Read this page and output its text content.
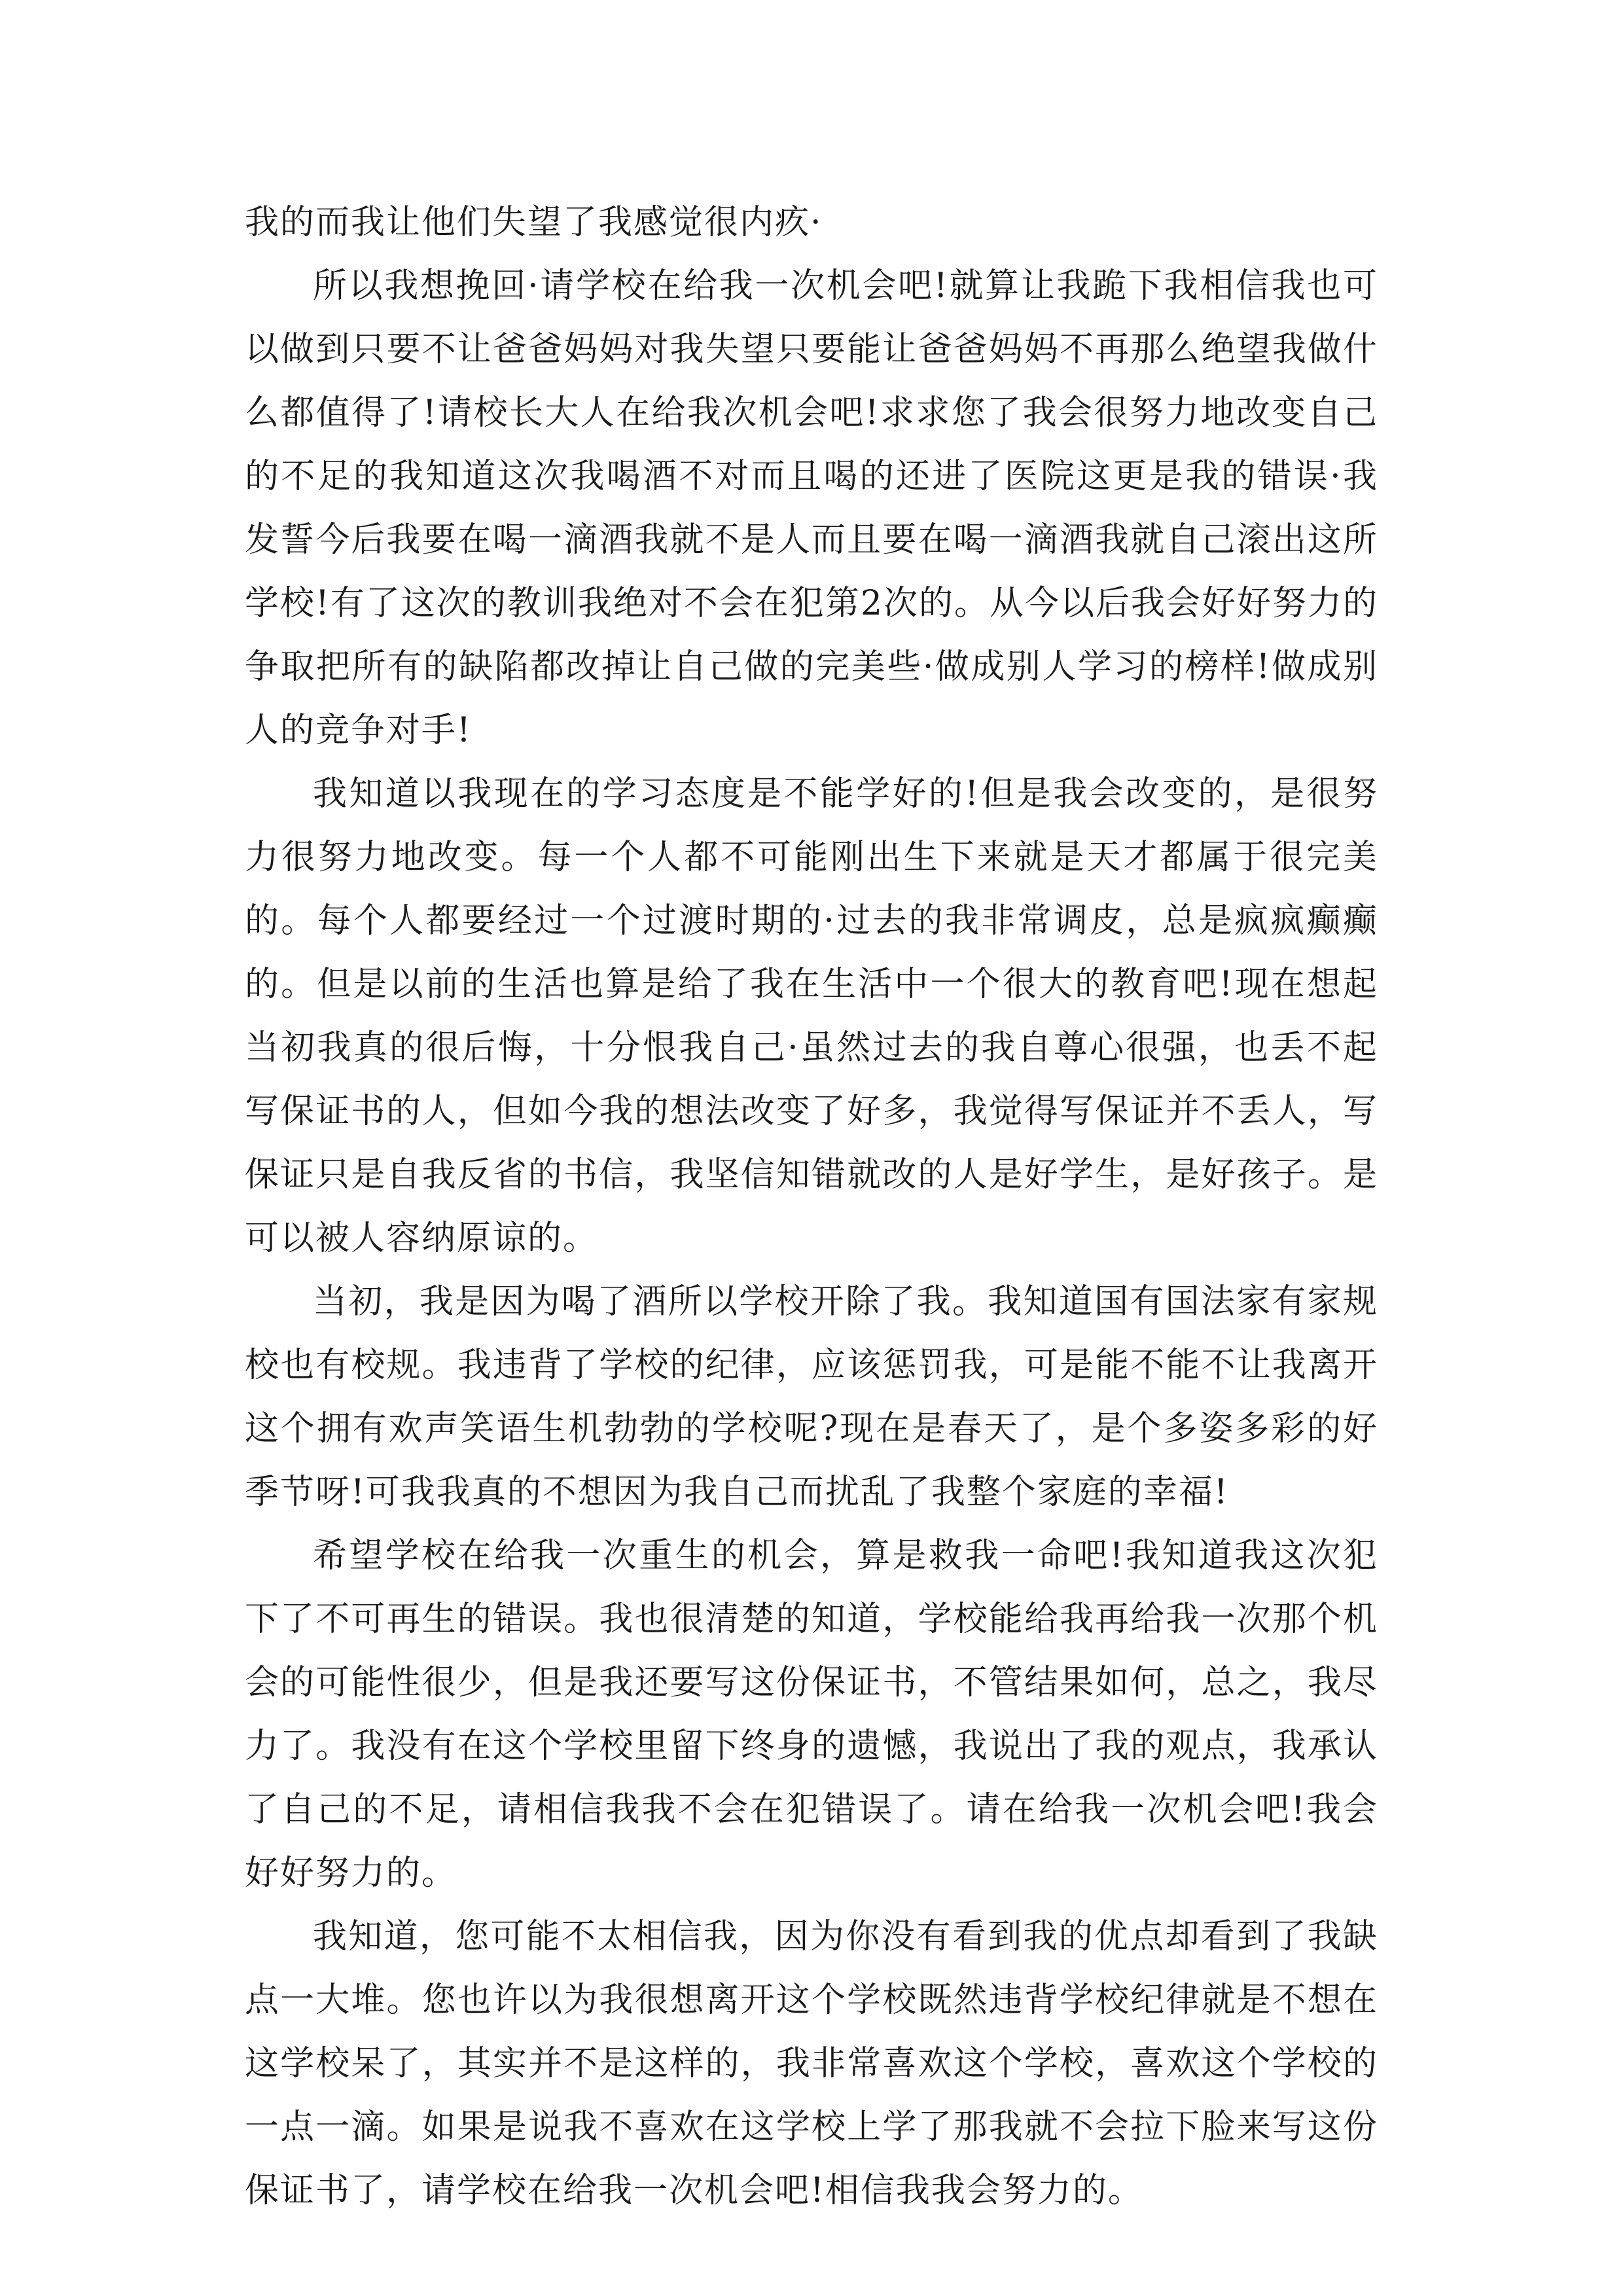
我的而我让他们失望了我感觉很内疚·

所以我想挽回·请学校在给我一次机会吧!就算让我跪下我相信我也可以做到只要不让爸爸妈妈对我失望只要能让爸爸妈妈不再那么绝望我做什么都值得了!请校长大人在给我次机会吧!求求您了我会很努力地改变自己的不足的我知道这次我喝酒不对而且喝的还进了医院这更是我的错误·我发誓今后我要在喝一滴酒我就不是人而且要在喝一滴酒我就自己滚出这所学校!有了这次的教训我绝对不会在犯第2次的。从今以后我会好好努力的争取把所有的缺陷都改掉让自己做的完美些·做成别人学习的榜样!做成别人的竞争对手!

我知道以我现在的学习态度是不能学好的!但是我会改变的，是很努力很努力地改变。每一个人都不可能刚出生下来就是天才都属于很完美的。每个人都要经过一个过渡时期的·过去的我非常调皮，总是疯疯癫癫的。但是以前的生活也算是给了我在生活中一个很大的教育吧!现在想起当初我真的很后悔，十分恨我自己·虽然过去的我自尊心很强，也丢不起写保证书的人，但如今我的想法改变了好多，我觉得写保证并不丢人，写保证只是自我反省的书信，我坚信知错就改的人是好学生，是好孩子。是可以被人容纳原谅的。

当初，我是因为喝了酒所以学校开除了我。我知道国有国法家有家规校也有校规。我违背了学校的纪律，应该惩罚我，可是能不能不让我离开这个拥有欢声笑语生机勃勃的学校呢?现在是春天了，是个多姿多彩的好季节呀!可我我真的不想因为我自己而扰乱了我整个家庭的幸福!

希望学校在给我一次重生的机会，算是救我一命吧!我知道我这次犯下了不可再生的错误。我也很清楚的知道，学校能给我再给我一次那个机会的可能性很少，但是我还要写这份保证书，不管结果如何，总之，我尽力了。我没有在这个学校里留下终身的遗憾，我说出了我的观点，我承认了自己的不足，请相信我我不会在犯错误了。请在给我一次机会吧!我会好好努力的。

我知道，您可能不太相信我，因为你没有看到我的优点却看到了我缺点一大堆。您也许以为我很想离开这个学校既然违背学校纪律就是不想在这学校呆了，其实并不是这样的，我非常喜欢这个学校，喜欢这个学校的一点一滴。如果是说我不喜欢在这学校上学了那我就不会拉下脸来写这份保证书了，请学校在给我一次机会吧!相信我我会努力的。
